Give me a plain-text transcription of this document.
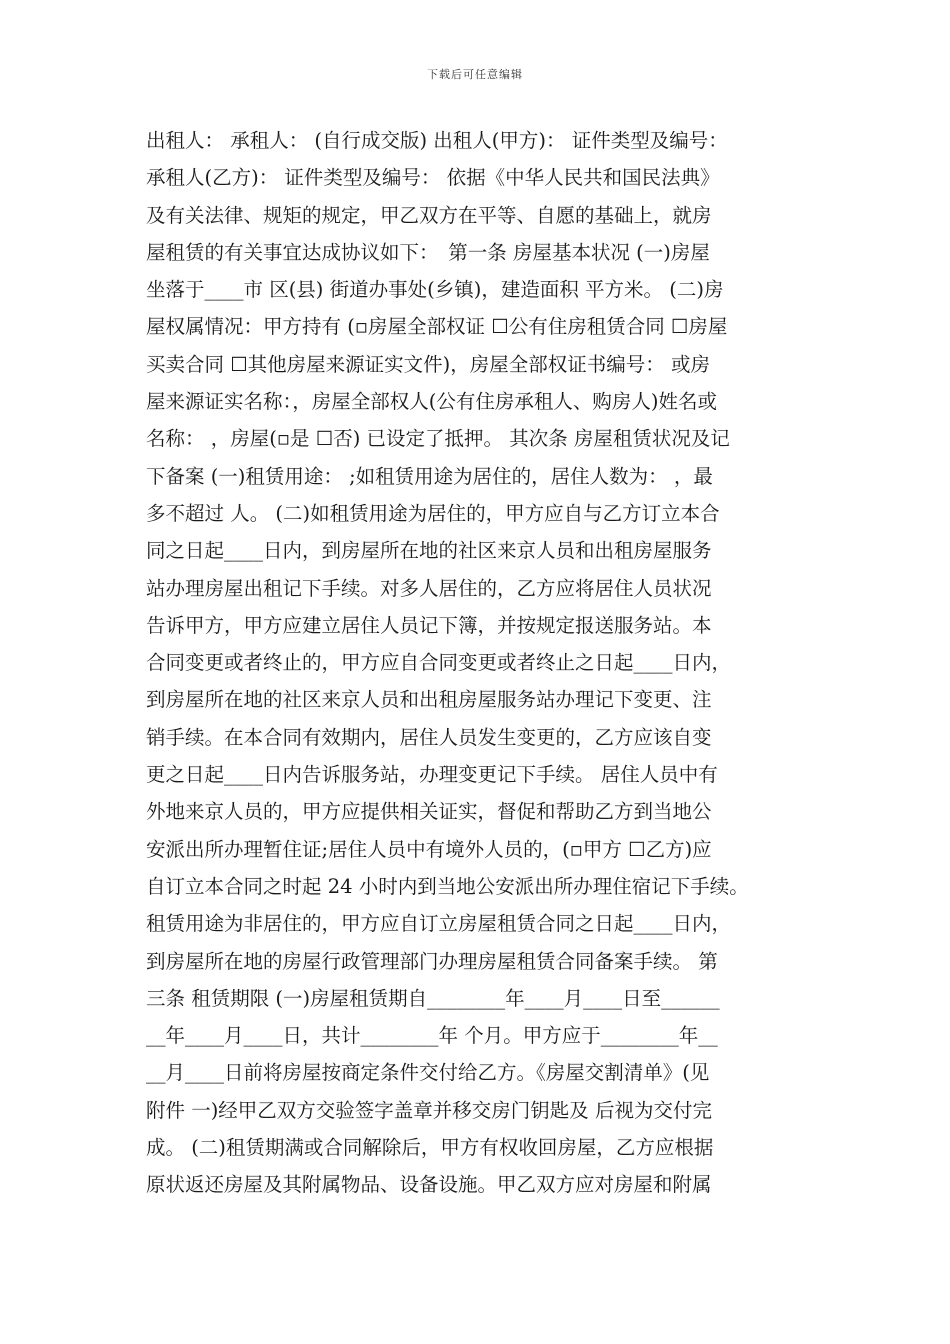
下载后可任意编辑
出租人： 承租人： (自行成交版) 出租人(甲方)： 证件类型及编号：
承租人(乙方)： 证件类型及编号： 依据《中华人民共和国民法典》
及有关法律、规矩的规定，甲乙双方在平等、自愿的基础上，就房
屋租赁的有关事宜达成协议如下：　第一条 房屋基本状况 (一)房屋
坐落于____市 区(县) 街道办事处(乡镇)，建造面积 平方米。 (二)房
屋权属情况：甲方持有 (▫房屋全部权证 ☐公有住房租赁合同 ☐房屋
买卖合同 ☐其他房屋来源证实文件)，房屋全部权证书编号： 或房
屋来源证实名称：，房屋全部权人(公有住房承租人、购房人)姓名或
名称： ，房屋(▫是 ☐否) 已设定了抵押。 其次条 房屋租赁状况及记
下备案 (一)租赁用途： ;如租赁用途为居住的，居住人数为： ，最
多不超过 人。 (二)如租赁用途为居住的，甲方应自与乙方订立本合
同之日起____日内，到房屋所在地的社区来京人员和出租房屋服务
站办理房屋出租记下手续。对多人居住的，乙方应将居住人员状况
告诉甲方，甲方应建立居住人员记下簿，并按规定报送服务站。本
合同变更或者终止的，甲方应自合同变更或者终止之日起____日内，
到房屋所在地的社区来京人员和出租房屋服务站办理记下变更、注
销手续。在本合同有效期内，居住人员发生变更的，乙方应该自变
更之日起____日内告诉服务站，办理变更记下手续。 居住人员中有
外地来京人员的，甲方应提供相关证实，督促和帮助乙方到当地公
安派出所办理暂住证;居住人员中有境外人员的，(▫甲方 ☐乙方)应
自订立本合同之时起 24 小时内到当地公安派出所办理住宿记下手续。
租赁用途为非居住的，甲方应自订立房屋租赁合同之日起____日内，
到房屋所在地的房屋行政管理部门办理房屋租赁合同备案手续。 第
三条 租赁期限 (一)房屋租赁期自________年____月____日至______
__年____月____日，共计________年 个月。甲方应于________年__
__月____日前将房屋按商定条件交付给乙方。《房屋交割清单》(见
附件 一)经甲乙双方交验签字盖章并移交房门钥匙及 后视为交付完
成。 (二)租赁期满或合同解除后，甲方有权收回房屋，乙方应根据
原状返还房屋及其附属物品、设备设施。甲乙双方应对房屋和附属
